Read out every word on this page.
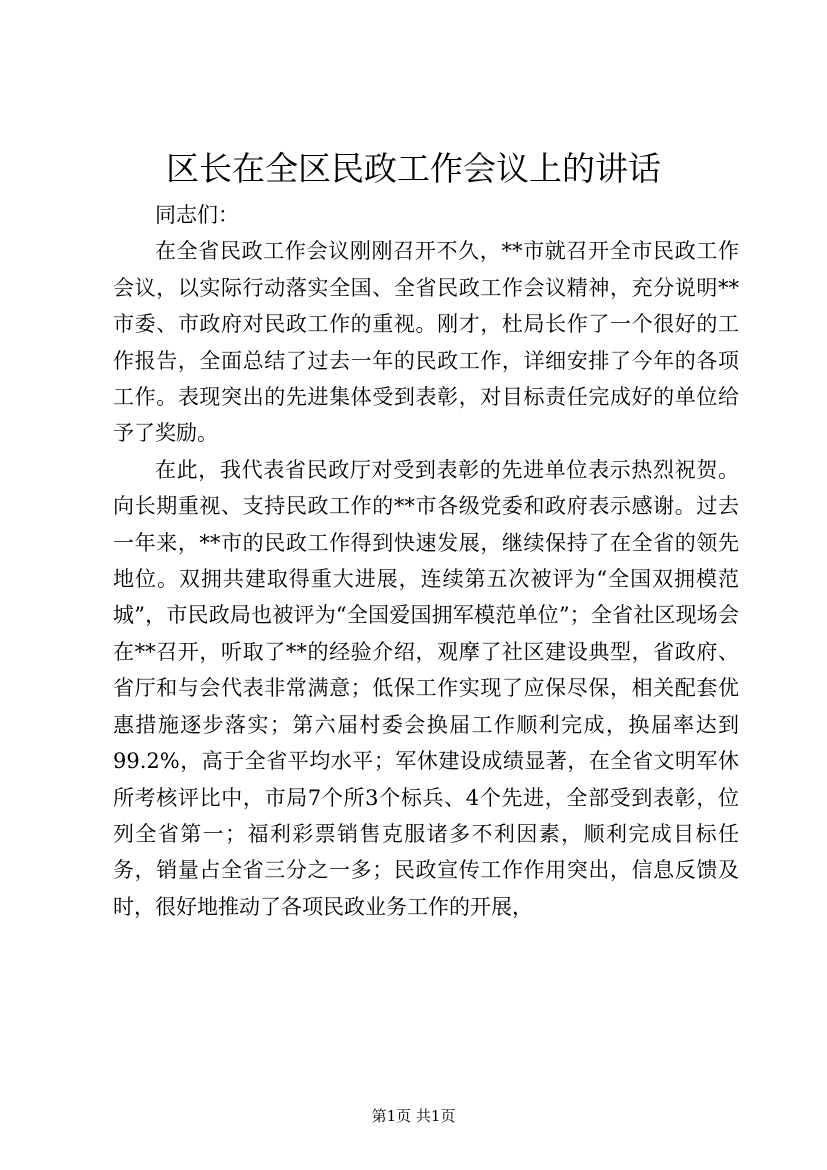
区长在全区民政工作会议上的讲话

同志们：

在全省民政工作会议刚刚召开不久，**市就召开全市民政工作会议，以实际行动落实全国、全省民政工作会议精神，充分说明**市委、市政府对民政工作的重视。刚才，杜局长作了一个很好的工作报告，全面总结了过去一年的民政工作，详细安排了今年的各项工作。表现突出的先进集体受到表彰，对目标责任完成好的单位给予了奖励。

在此，我代表省民政厅对受到表彰的先进单位表示热烈祝贺。向长期重视、支持民政工作的**市各级党委和政府表示感谢。过去一年来，**市的民政工作得到快速发展，继续保持了在全省的领先地位。双拥共建取得重大进展，连续第五次被评为“全国双拥模范城”，市民政局也被评为“全国爱国拥军模范单位”；全省社区现场会在**召开，听取了**的经验介绍，观摩了社区建设典型，省政府、省厅和与会代表非常满意；低保工作实现了应保尽保，相关配套优惠措施逐步落实；第六届村委会换届工作顺利完成，换届率达到99.2%，高于全省平均水平；军休建设成绩显著，在全省文明军休所考核评比中，市局7个所3个标兵、4个先进，全部受到表彰，位列全省第一；福利彩票销售克服诸多不利因素，顺利完成目标任务，销量占全省三分之一多；民政宣传工作作用突出，信息反馈及时，很好地推动了各项民政业务工作的开展，

第1页 共1页
